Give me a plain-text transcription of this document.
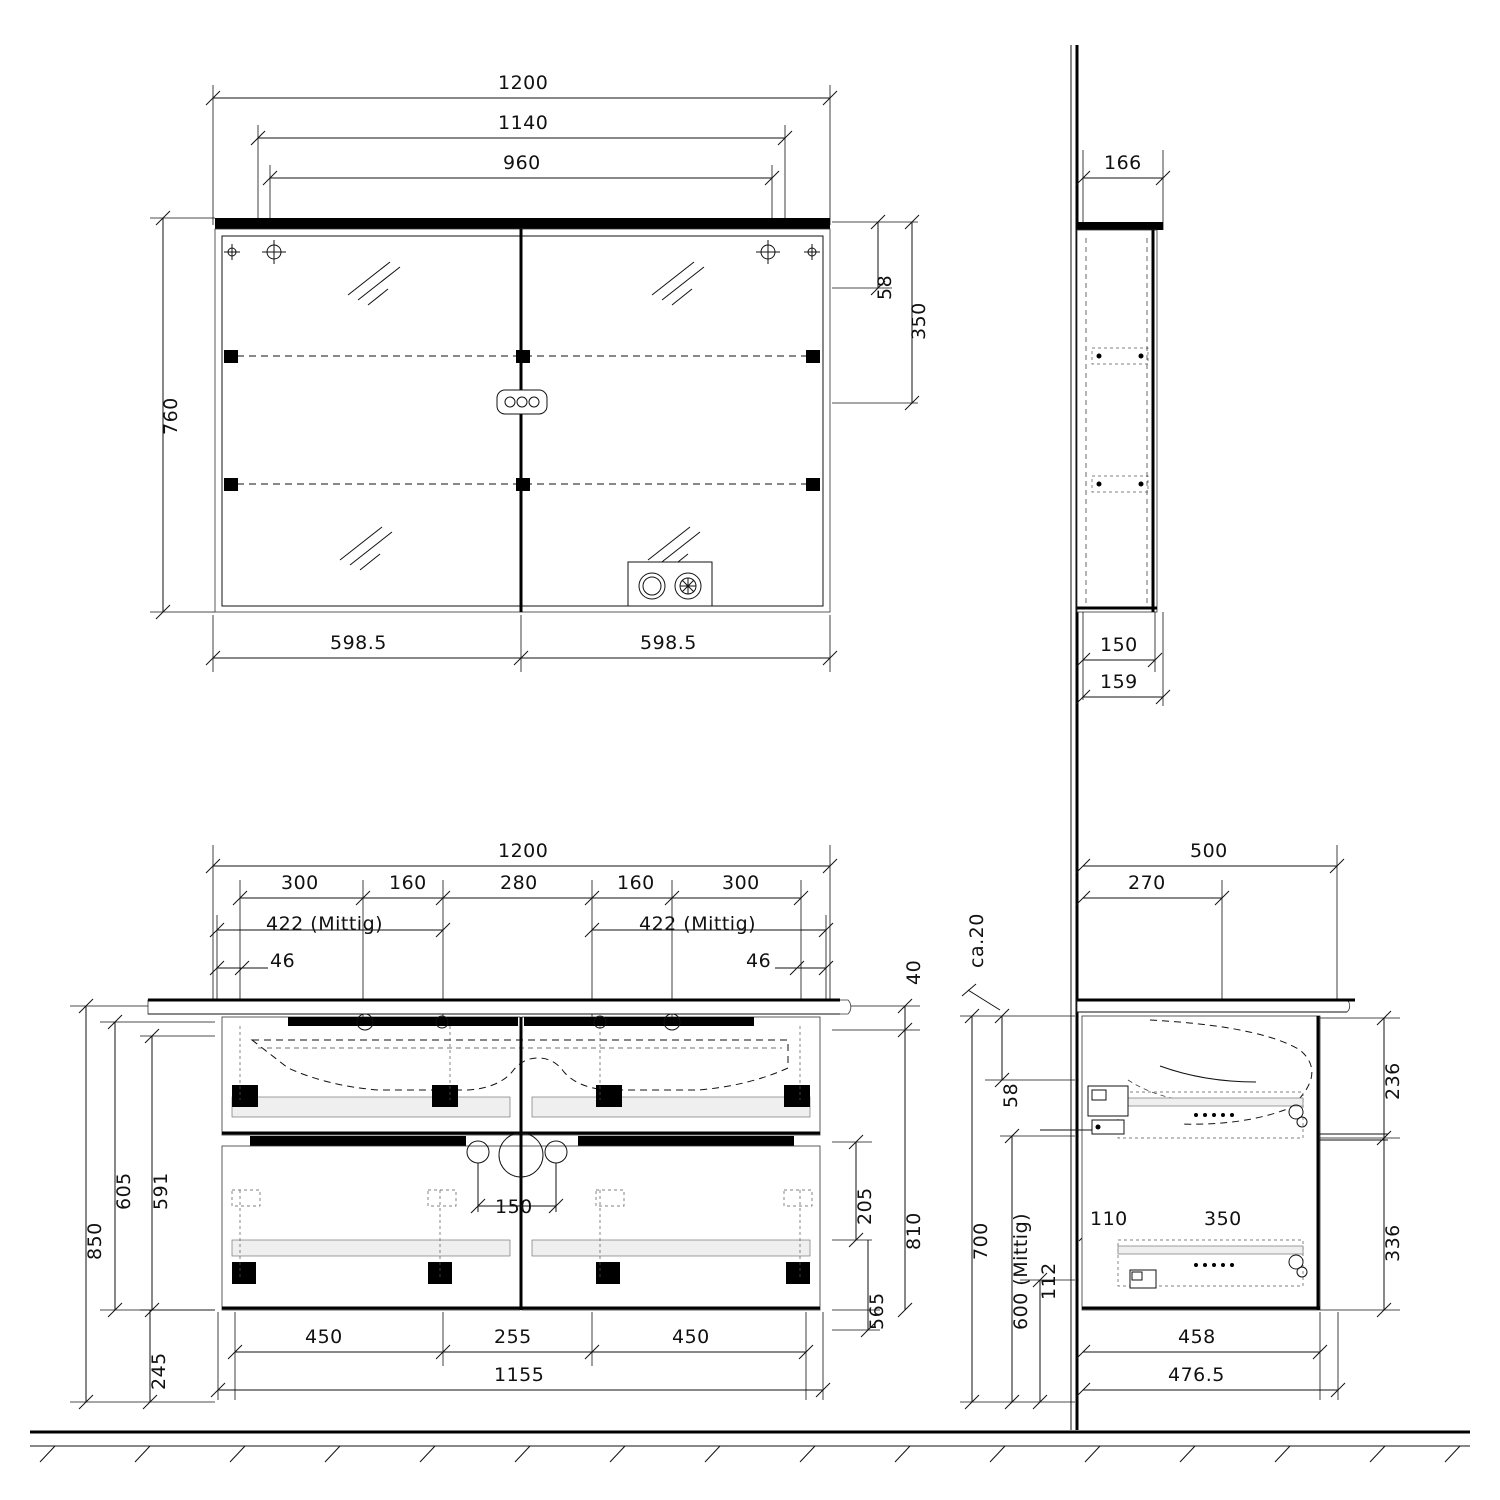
1200
1140
960
760
58
350
598.5	598.5
166
150
159
1200
300	160	280	160	300
422 (Mittig)	422 (Mittig)
46	46	40
850
605 591
245
205
810
565
150
450	255	450
1155
ca.20
500
270
58
700 600 (Mittig) 112
110	350
236
336
458
476.5
